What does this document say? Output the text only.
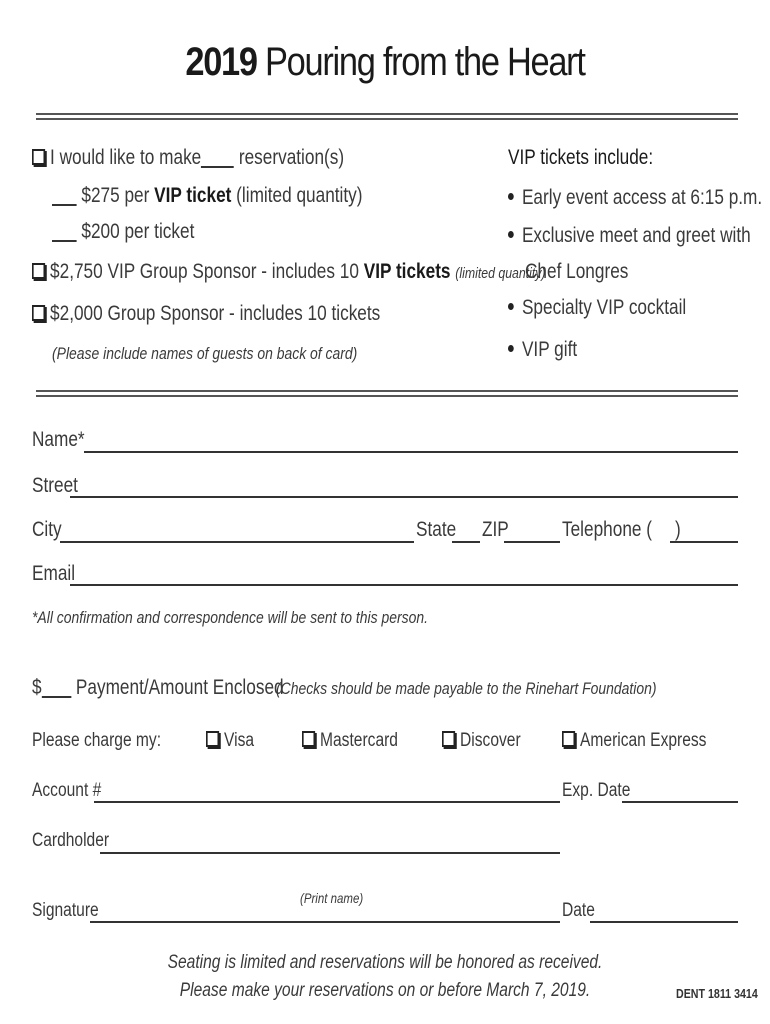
2019 Pouring from the Heart
I would like to make reservation(s)
$275 per VIP ticket (limited quantity)
$200 per ticket
$2,750 VIP Group Sponsor - includes 10 VIP tickets (limited quantity)
$2,000 Group Sponsor - includes 10 tickets
(Please include names of guests on back of card)
VIP tickets include:
Early event access at 6:15 p.m.
Exclusive meet and greet with
Chef Longres
Specialty VIP cocktail
VIP gift
Name*
Street
City	State ZIP	Telephone ( )
Email
*All confirmation and correspondence will be sent to this person.
$ Payment/Amount Enclosed
(Checks should be made payable to the Rinehart Foundation)
Please charge my:	Visa	Mastercard	Discover	American Express
Account #	Exp. Date
Cardholder
(Print name)
Signature	Date
Seating is limited and reservations will be honored as received.
Please make your reservations on or before March 7, 2019.	DENT 1811 3414
